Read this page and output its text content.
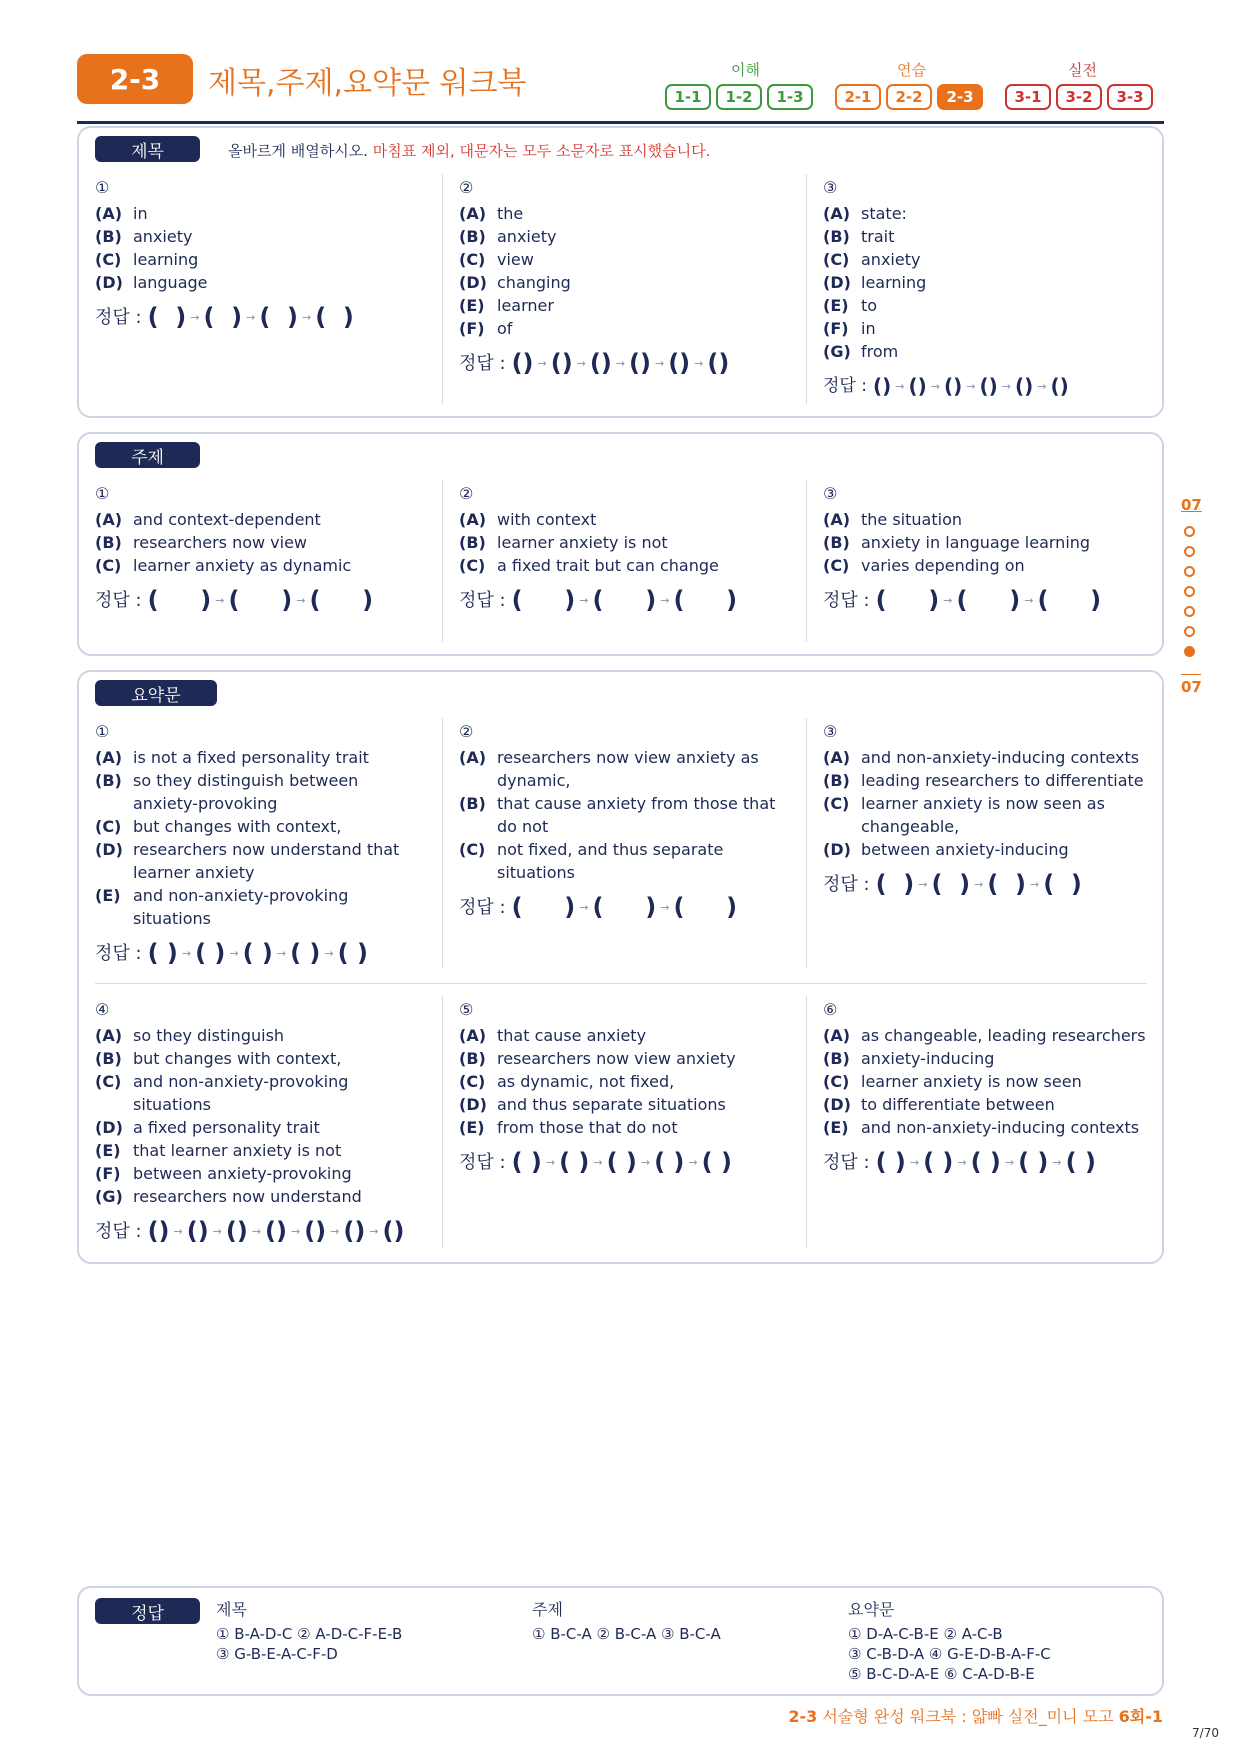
2-3	제목,주제,요약문 워크북	이해	연습	실전
1-1	1-2	1-3	2-1	2-2	2-3	3-1	3-2	3-3
제목	올바르게 배열하시오. 마침표 제외, 대문자는 모두 소문자로 표시했습니다.
①
(A) in
(B) anxiety
(C) learning
(D) language
정답 : (  ) → (  ) → (  ) → (  )
②
(A) the
(B) anxiety
(C) view
(D) changing
(E) learner
(F) of
정답 : () → () → () → () → () → ()
③
(A) state:
(B) trait
(C) anxiety
(D) learning
(E) to
(F) in
(G) from
정답 : () → () → () → () → () → ()
주제
①
(A) and context-dependent
(B) researchers now view
(C) learner anxiety as dynamic
정답 : (     ) → (     ) → (     )
②
(A) with context
(B) learner anxiety is not
(C) a fixed trait but can change
정답 : (     ) → (     ) → (     )
③
(A) the situation
(B) anxiety in language learning
(C) varies depending on
정답 : (     ) → (     ) → (     )
07
07
요약문
①
(A) is not a fixed personality trait
(B) so they distinguish between anxiety-provoking
(C) but changes with context,
(D) researchers now understand that learner anxiety
(E) and non-anxiety-provoking situations
정답 : ( ) → ( ) → ( ) → ( ) → ( )
②
(A) researchers now view anxiety as dynamic,
(B) that cause anxiety from those that do not
(C) not fixed, and thus separate situations
정답 : (     ) → (     ) → (     )
③
(A) and non-anxiety-inducing contexts
(B) leading researchers to differentiate
(C) learner anxiety is now seen as changeable,
(D) between anxiety-inducing
정답 : (  ) → (  ) → (  ) → (  )
④
(A) so they distinguish
(B) but changes with context,
(C) and non-anxiety-provoking situations
(D) a fixed personality trait
(E) that learner anxiety is not
(F) between anxiety-provoking
(G) researchers now understand
정답 : () → () → () → () → () → () → ()
⑤
(A) that cause anxiety
(B) researchers now view anxiety
(C) as dynamic, not fixed,
(D) and thus separate situations
(E) from those that do not
정답 : ( ) → ( ) → ( ) → ( ) → ( )
⑥
(A) as changeable, leading researchers
(B) anxiety-inducing
(C) learner anxiety is now seen
(D) to differentiate between
(E) and non-anxiety-inducing contexts
정답 : ( ) → ( ) → ( ) → ( ) → ( )
정답	제목
① B-A-D-C ② A-D-C-F-E-B
③ G-B-E-A-C-F-D
주제
① B-C-A ② B-C-A ③ B-C-A
요약문
① D-A-C-B-E ② A-C-B
③ C-B-D-A ④ G-E-D-B-A-F-C
⑤ B-C-D-A-E ⑥ C-A-D-B-E
2-3 서술형 완성 워크북 : 얇빠 실전_미니 모고 6회-1
7/70
